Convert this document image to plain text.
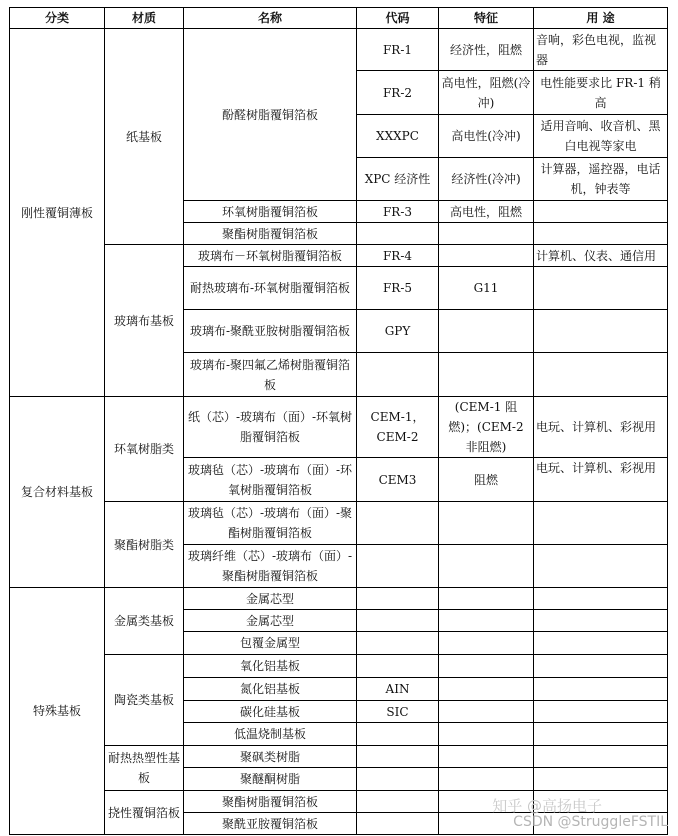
分类	材质	名称	代码	特征	用 途
刚性覆铜薄板	纸基板	酚醛树脂覆铜箔板	FR-1	经济性，阻燃	音响，彩色电视，监视器
			FR-2	高电性，阻燃(冷冲)	电性能要求比 FR-1 稍高
			XXXPC	高电性(冷冲)	适用音响、收音机、黑白电视等家电
			XPC 经济性	经济性(冷冲)	计算器，遥控器，电话机，钟表等
		环氧树脂覆铜箔板	FR-3	高电性，阻燃	
		聚酯树脂覆铜箔板			
	玻璃布基板	玻璃布－环氧树脂覆铜箔板	FR-4		计算机、仪表、通信用
		耐热玻璃布-环氧树脂覆铜箔板	FR-5	G11	
		玻璃布-聚酰亚胺树脂覆铜箔板	GPY		
		玻璃布-聚四氟乙烯树脂覆铜箔板			
复合材料基板	环氧树脂类	纸（芯）-玻璃布（面）-环氧树脂覆铜箔板	CEM-1，CEM-2	(CEM-1 阻燃)；(CEM-2 非阻燃)	电玩、计算机、彩视用
		玻璃毡（芯）-玻璃布（面）-环氧树脂覆铜箔板	CEM3	阻燃	电玩、计算机、彩视用
	聚酯树脂类	玻璃毡（芯）-玻璃布（面）-聚酯树脂覆铜箔板			
		玻璃纤维（芯）-玻璃布（面）-聚酯树脂覆铜箔板			
特殊基板	金属类基板	金属芯型			
		金属芯型			
		包覆金属型			
	陶瓷类基板	氧化铝基板			
		氮化铝基板	AIN		
		碳化硅基板	SIC		
		低温烧制基板			
	耐热热塑性基板	聚砜类树脂			
		聚醚酮树脂			
	挠性覆铜箔板	聚酯树脂覆铜箔板			
		聚酰亚胺覆铜箔板			
知乎 @高扬电子
CSDN @StruggleFSTIL
